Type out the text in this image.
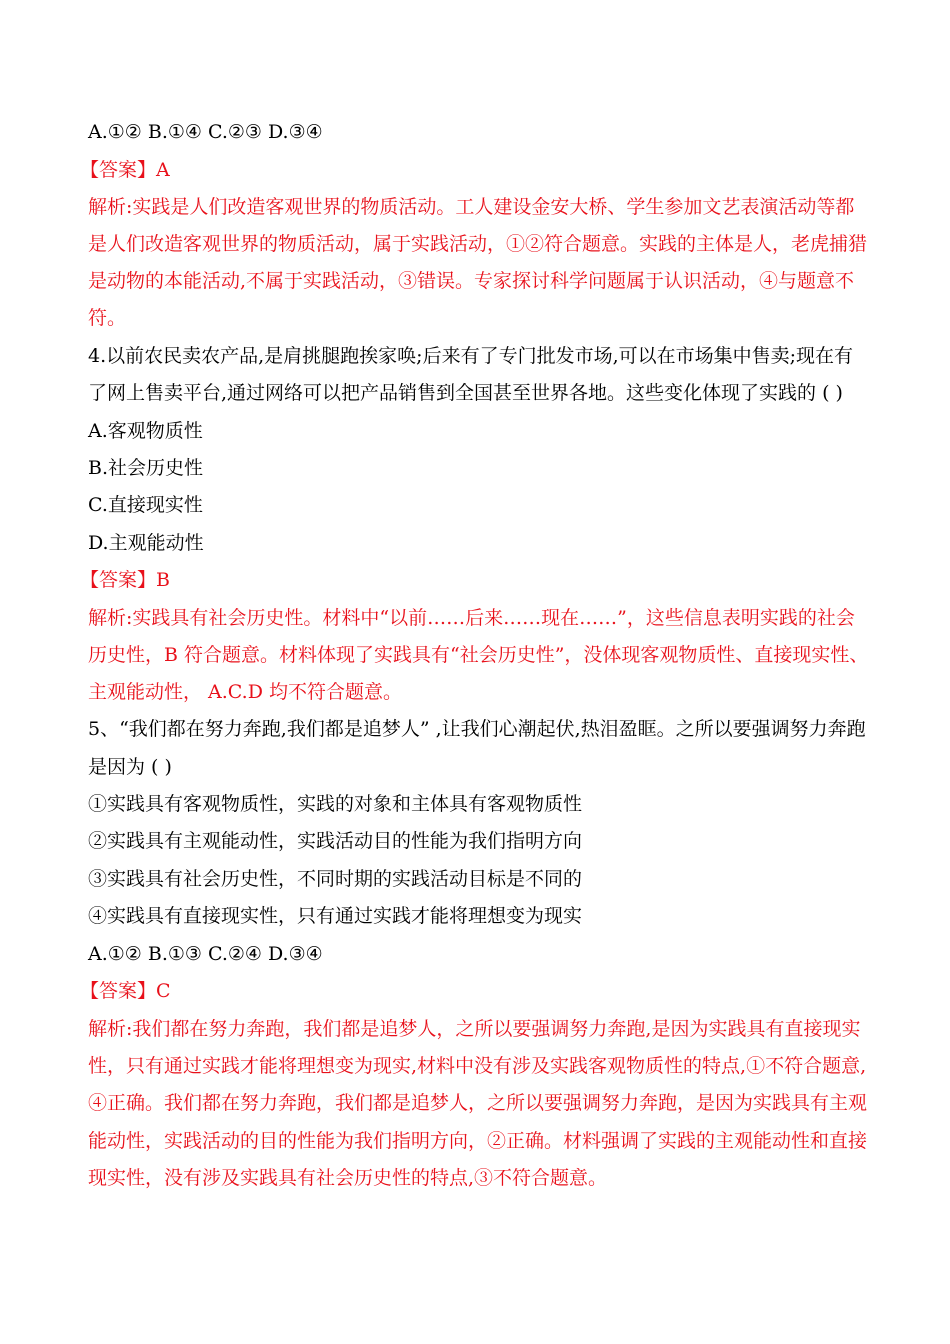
A.①② B.①④ C.②③ D.③④
【答案】A
解析:实践是人们改造客观世界的物质活动。工人建设金安大桥、学生参加文艺表演活动等都
是人们改造客观世界的物质活动，属于实践活动，①②符合题意。实践的主体是人，老虎捕猎
是动物的本能活动,不属于实践活动，③错误。专家探讨科学问题属于认识活动，④与题意不
符。
4.以前农民卖农产品,是肩挑腿跑挨家唤;后来有了专门批发市场,可以在市场集中售卖;现在有
了网上售卖平台,通过网络可以把产品销售到全国甚至世界各地。这些变化体现了实践的 ( )
A.客观物质性
B.社会历史性
C.直接现实性
D.主观能动性
【答案】B
解析:实践具有社会历史性。材料中“以前……后来……现在……”，这些信息表明实践的社会
历史性，B 符合题意。材料体现了实践具有“社会历史性”，没体现客观物质性、直接现实性、
主观能动性， A.C.D 均不符合题意。
5、“我们都在努力奔跑,我们都是追梦人” ,让我们心潮起伏,热泪盈眶。之所以要强调努力奔跑
是因为 ( )
①实践具有客观物质性，实践的对象和主体具有客观物质性
②实践具有主观能动性，实践活动目的性能为我们指明方向
③实践具有社会历史性，不同时期的实践活动目标是不同的
④实践具有直接现实性，只有通过实践才能将理想变为现实
A.①② B.①③ C.②④ D.③④
【答案】C
解析:我们都在努力奔跑，我们都是追梦人，之所以要强调努力奔跑,是因为实践具有直接现实
性，只有通过实践才能将理想变为现实,材料中没有涉及实践客观物质性的特点,①不符合题意,
④正确。我们都在努力奔跑，我们都是追梦人，之所以要强调努力奔跑，是因为实践具有主观
能动性，实践活动的目的性能为我们指明方向，②正确。材料强调了实践的主观能动性和直接
现实性，没有涉及实践具有社会历史性的特点,③不符合题意。
